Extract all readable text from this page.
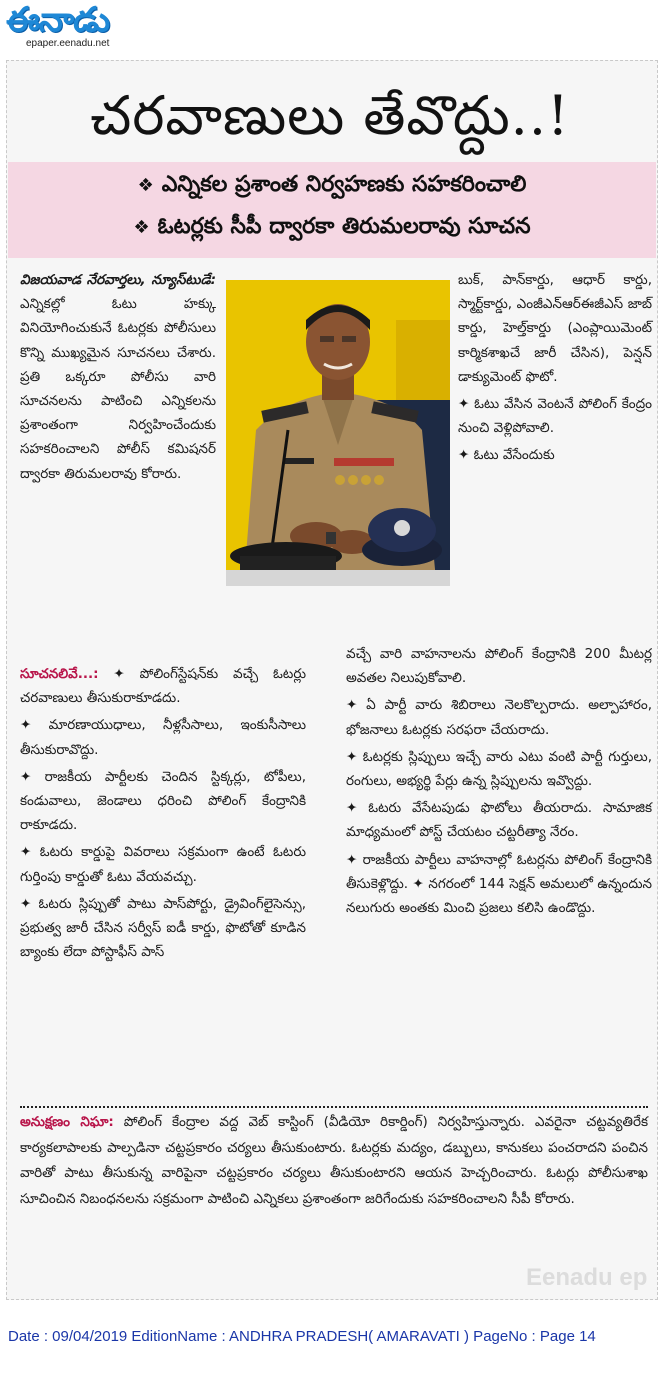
ఈనాడు
epaper.eenadu.net
చరవాణులు తేవొద్దు..!
❖ ఎన్నికల ప్రశాంత నిర్వహణకు సహకరించాలి
❖ ఓటర్లకు సీపీ ద్వారకా తిరుమలరావు సూచన

విజయవాడ నేరవార్తలు, న్యూస్‌టుడే: ఎన్నికల్లో ఓటు హక్కు వినియోగించుకునే ఓటర్లకు పోలీసులు కొన్ని ముఖ్యమైన సూచనలు చేశారు. ప్రతి ఒక్కరూ పోలీసు వారి సూచనలను పాటించి ఎన్నికలను ప్రశాంతంగా నిర్వహించేందుకు సహకరించాలని పోలీస్ కమిషనర్ ద్వారకా తిరుమలరావు కోరారు.

సూచనలివే...: ✦ పోలింగ్‌స్టేషన్‌కు వచ్చే ఓటర్లు చరవాణులు తీసుకురాకూడదు.

✦ మారణాయుధాలు, నీళ్లసీసాలు, ఇంకుసీసాలు తీసుకురావొద్దు.

✦ రాజకీయ పార్టీలకు చెందిన స్టిక్కర్లు, టోపీలు, కండువాలు, జెండాలు ధరించి పోలింగ్ కేంద్రానికి రాకూడదు.

✦ ఓటరు కార్డుపై వివరాలు సక్రమంగా ఉంటే ఓటరు గుర్తింపు కార్డుతో ఓటు వేయవచ్చు.

✦ ఓటరు స్లిప్పుతో పాటు పాస్‌పోర్టు, డ్రైవింగ్‌లైసెన్సు, ప్రభుత్వ జారీ చేసిన సర్వీస్ ఐడీ కార్డు, ఫొటోతో కూడిన బ్యాంకు లేదా పోస్టాఫీస్ పాస్

బుక్, పాన్‌కార్డు, ఆధార్ కార్డు, స్మార్ట్‌కార్డు, ఎంజీఎన్ఆర్ఈజీఎస్ జాబ్ కార్డు, హెల్త్‌కార్డు (ఎంప్లాయిమెంట్ కార్మికశాఖచే జారీ చేసిన), పెన్షన్ డాక్యుమెంట్ ఫొటో.

✦ ఓటు వేసిన వెంటనే పోలింగ్ కేంద్రం నుంచి వెళ్లిపోవాలి.

✦ ఓటు వేసేందుకు

వచ్చే వారి వాహనాలను పోలింగ్ కేంద్రానికి 200 మీటర్ల అవతల నిలుపుకోవాలి.

✦ ఏ పార్టీ వారు శిబిరాలు నెలకొల్పరాదు. అల్పాహారం, భోజనాలు ఓటర్లకు సరఫరా చేయరాదు.

✦ ఓటర్లకు స్లిప్పులు ఇచ్చే వారు ఎటు వంటి పార్టీ గుర్తులు, రంగులు, అభ్యర్థి పేర్లు ఉన్న స్లిప్పులను ఇవ్వొద్దు.

✦ ఓటరు వేసేటపుడు ఫొటోలు తీయరాదు. సామాజిక మాధ్యమంలో పోస్ట్ చేయటం చట్టరీత్యా నేరం.

✦ రాజకీయ పార్టీలు వాహనాల్లో ఓటర్లను పోలింగ్ కేంద్రానికి తీసుకెళ్లొద్దు. ✦ నగరంలో 144 సెక్షన్ అమలులో ఉన్నందున నలుగురు అంతకు మించి ప్రజలు కలిసి ఉండొద్దు.

అనుక్షణం నిఘా: పోలింగ్ కేంద్రాల వద్ద వెబ్ కాస్టింగ్ (వీడియో రికార్డింగ్) నిర్వహిస్తున్నారు. ఎవరైనా చట్టవ్యతిరేక కార్యకలాపాలకు పాల్పడినా చట్టప్రకారం చర్యలు తీసుకుంటారు. ఓటర్లకు మద్యం, డబ్బులు, కానుకలు పంచరాదని పంచిన వారితో పాటు తీసుకున్న వారిపైనా చట్టప్రకారం చర్యలు తీసుకుంటారని ఆయన హెచ్చరించారు. ఓటర్లు పోలీసుశాఖ సూచించిన నిబంధనలను సక్రమంగా పాటించి ఎన్నికలు ప్రశాంతంగా జరిగేందుకు సహకరించాలని సీపీ కోరారు.
Eenadu ep
Date : 09/04/2019 EditionName : ANDHRA PRADESH( AMARAVATI ) PageNo : Page 14
